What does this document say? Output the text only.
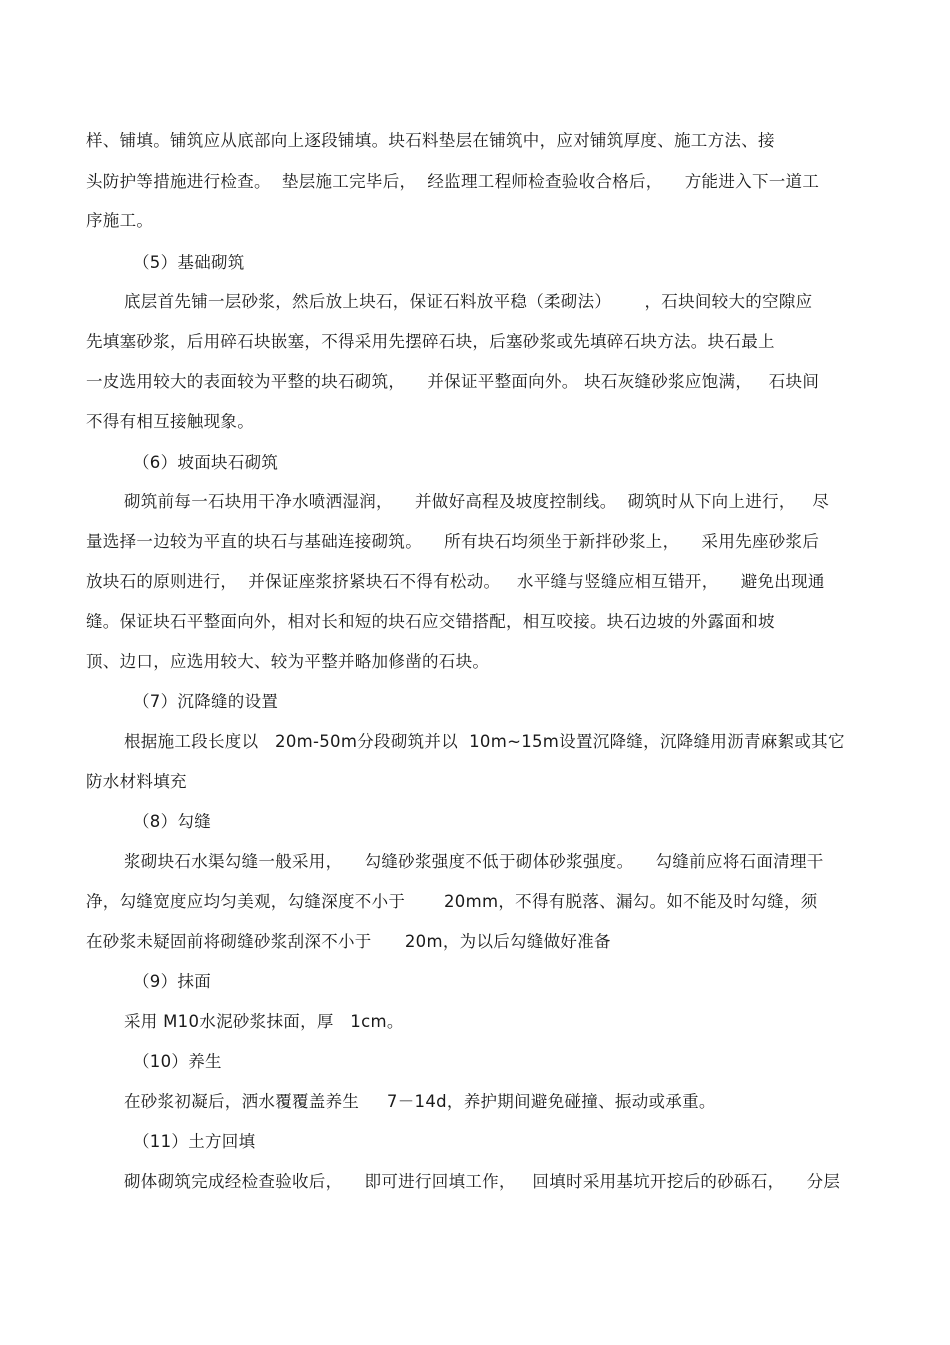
样、铺填。铺筑应从底部向上逐段铺填。块石料垫层在铺筑中，应对铺筑厚度、施工方法、接
头防护等措施进行检查。  垫层施工完毕后，  经监理工程师检查验收合格后，    方能进入下一道工
序施工。
（5）基础砌筑
底层首先铺一层砂浆，然后放上块石，保证石料放平稳（柔砌法）      ，石块间较大的空隙应
先填塞砂浆，后用碎石块嵌塞，不得采用先摆碎石块，后塞砂浆或先填碎石块方法。块石最上
一皮选用较大的表面较为平整的块石砌筑，    并保证平整面向外。 块石灰缝砂浆应饱满，   石块间
不得有相互接触现象。
（6）坡面块石砌筑
砌筑前每一石块用干净水喷洒湿润，    并做好高程及坡度控制线。  砌筑时从下向上进行，   尽
量选择一边较为平直的块石与基础连接砌筑。    所有块石均须坐于新拌砂浆上，    采用先座砂浆后
放块石的原则进行，  并保证座浆挤紧块石不得有松动。   水平缝与竖缝应相互错开，    避免出现通
缝。保证块石平整面向外，相对长和短的块石应交错搭配，相互咬接。块石边坡的外露面和坡
顶、边口，应选用较大、较为平整并略加修凿的石块。
（7）沉降缝的设置
根据施工段长度以   20m-50m分段砌筑并以  10m~15m设置沉降缝，沉降缝用沥青麻絮或其它
防水材料填充
（8）勾缝
浆砌块石水渠勾缝一般采用，    勾缝砂浆强度不低于砌体砂浆强度。    勾缝前应将石面清理干
净，勾缝宽度应均匀美观，勾缝深度不小于       20mm，不得有脱落、漏勾。如不能及时勾缝，须
在砂浆未疑固前将砌缝砂浆刮深不小于      20m，为以后勾缝做好准备
（9）抹面
采用 M10水泥砂浆抹面，厚   1cm。
（10）养生
在砂浆初凝后，洒水覆覆盖养生     7－14d，养护期间避免碰撞、振动或承重。
（11）土方回填
砌体砌筑完成经检查验收后，    即可进行回填工作，   回填时采用基坑开挖后的砂砾石，    分层
